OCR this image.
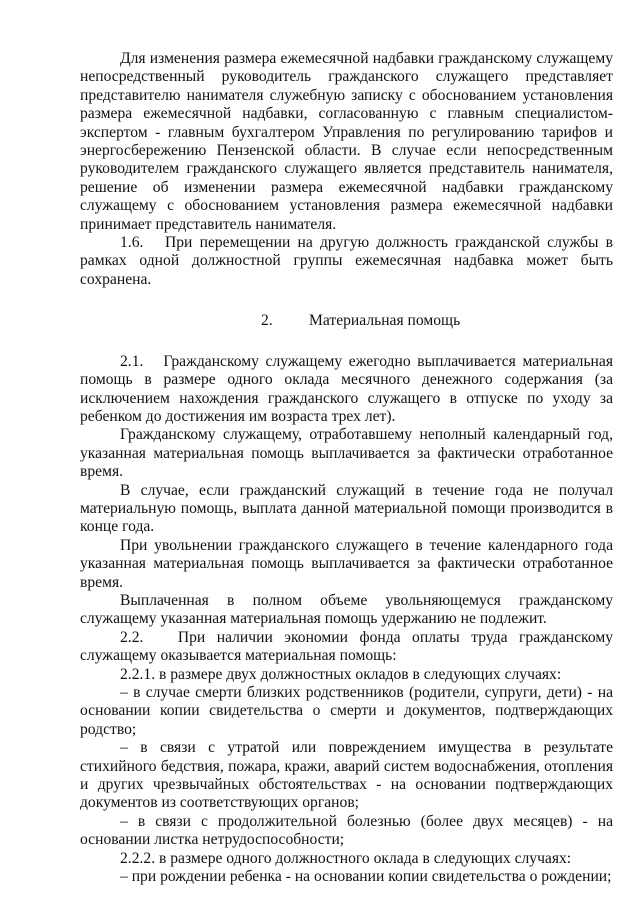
Для изменения размера ежемесячной надбавки гражданскому служащему непосредственный руководитель гражданского служащего представляет представителю нанимателя служебную записку с обоснованием установления размера ежемесячной надбавки, согласованную с главным специалистом-экспертом - главным бухгалтером Управления по регулированию тарифов и энергосбережению Пензенской области. В случае если непосредственным руководителем гражданского служащего является представитель нанимателя, решение об изменении размера ежемесячной надбавки гражданскому служащему с обоснованием установления размера ежемесячной надбавки принимает представитель нанимателя.

1.6.   При перемещении на другую должность гражданской службы в рамках одной должностной группы ежемесячная надбавка может быть сохранена.

2. Материальная помощь

2.1.   Гражданскому служащему ежегодно выплачивается материальная помощь в размере одного оклада месячного денежного содержания (за исключением нахождения гражданского служащего в отпуске по уходу за ребенком до достижения им возраста трех лет).

Гражданскому служащему, отработавшему неполный календарный год, указанная материальная помощь выплачивается за фактически отработанное время.

В случае, если гражданский служащий в течение года не получал материальную помощь, выплата данной материальной помощи производится в конце года.

При увольнении гражданского служащего в течение календарного года указанная материальная помощь выплачивается за фактически отработанное время.

Выплаченная в полном объеме увольняющемуся гражданскому служащему указанная материальная помощь удержанию не подлежит.

2.2.   При наличии экономии фонда оплаты труда гражданскому служащему оказывается материальная помощь:

2.2.1. в размере двух должностных окладов в следующих случаях:

– в случае смерти близких родственников (родители, супруги, дети) - на основании копии свидетельства о смерти и документов, подтверждающих родство;

– в связи с утратой или повреждением имущества в результате стихийного бедствия, пожара, кражи, аварий систем водоснабжения, отопления и других чрезвычайных обстоятельствах - на основании подтверждающих документов из соответствующих органов;

– в связи с продолжительной болезнью (более двух месяцев) - на основании листка нетрудоспособности;

2.2.2. в размере одного должностного оклада в следующих случаях:

– при рождении ребенка - на основании копии свидетельства о рождении;
